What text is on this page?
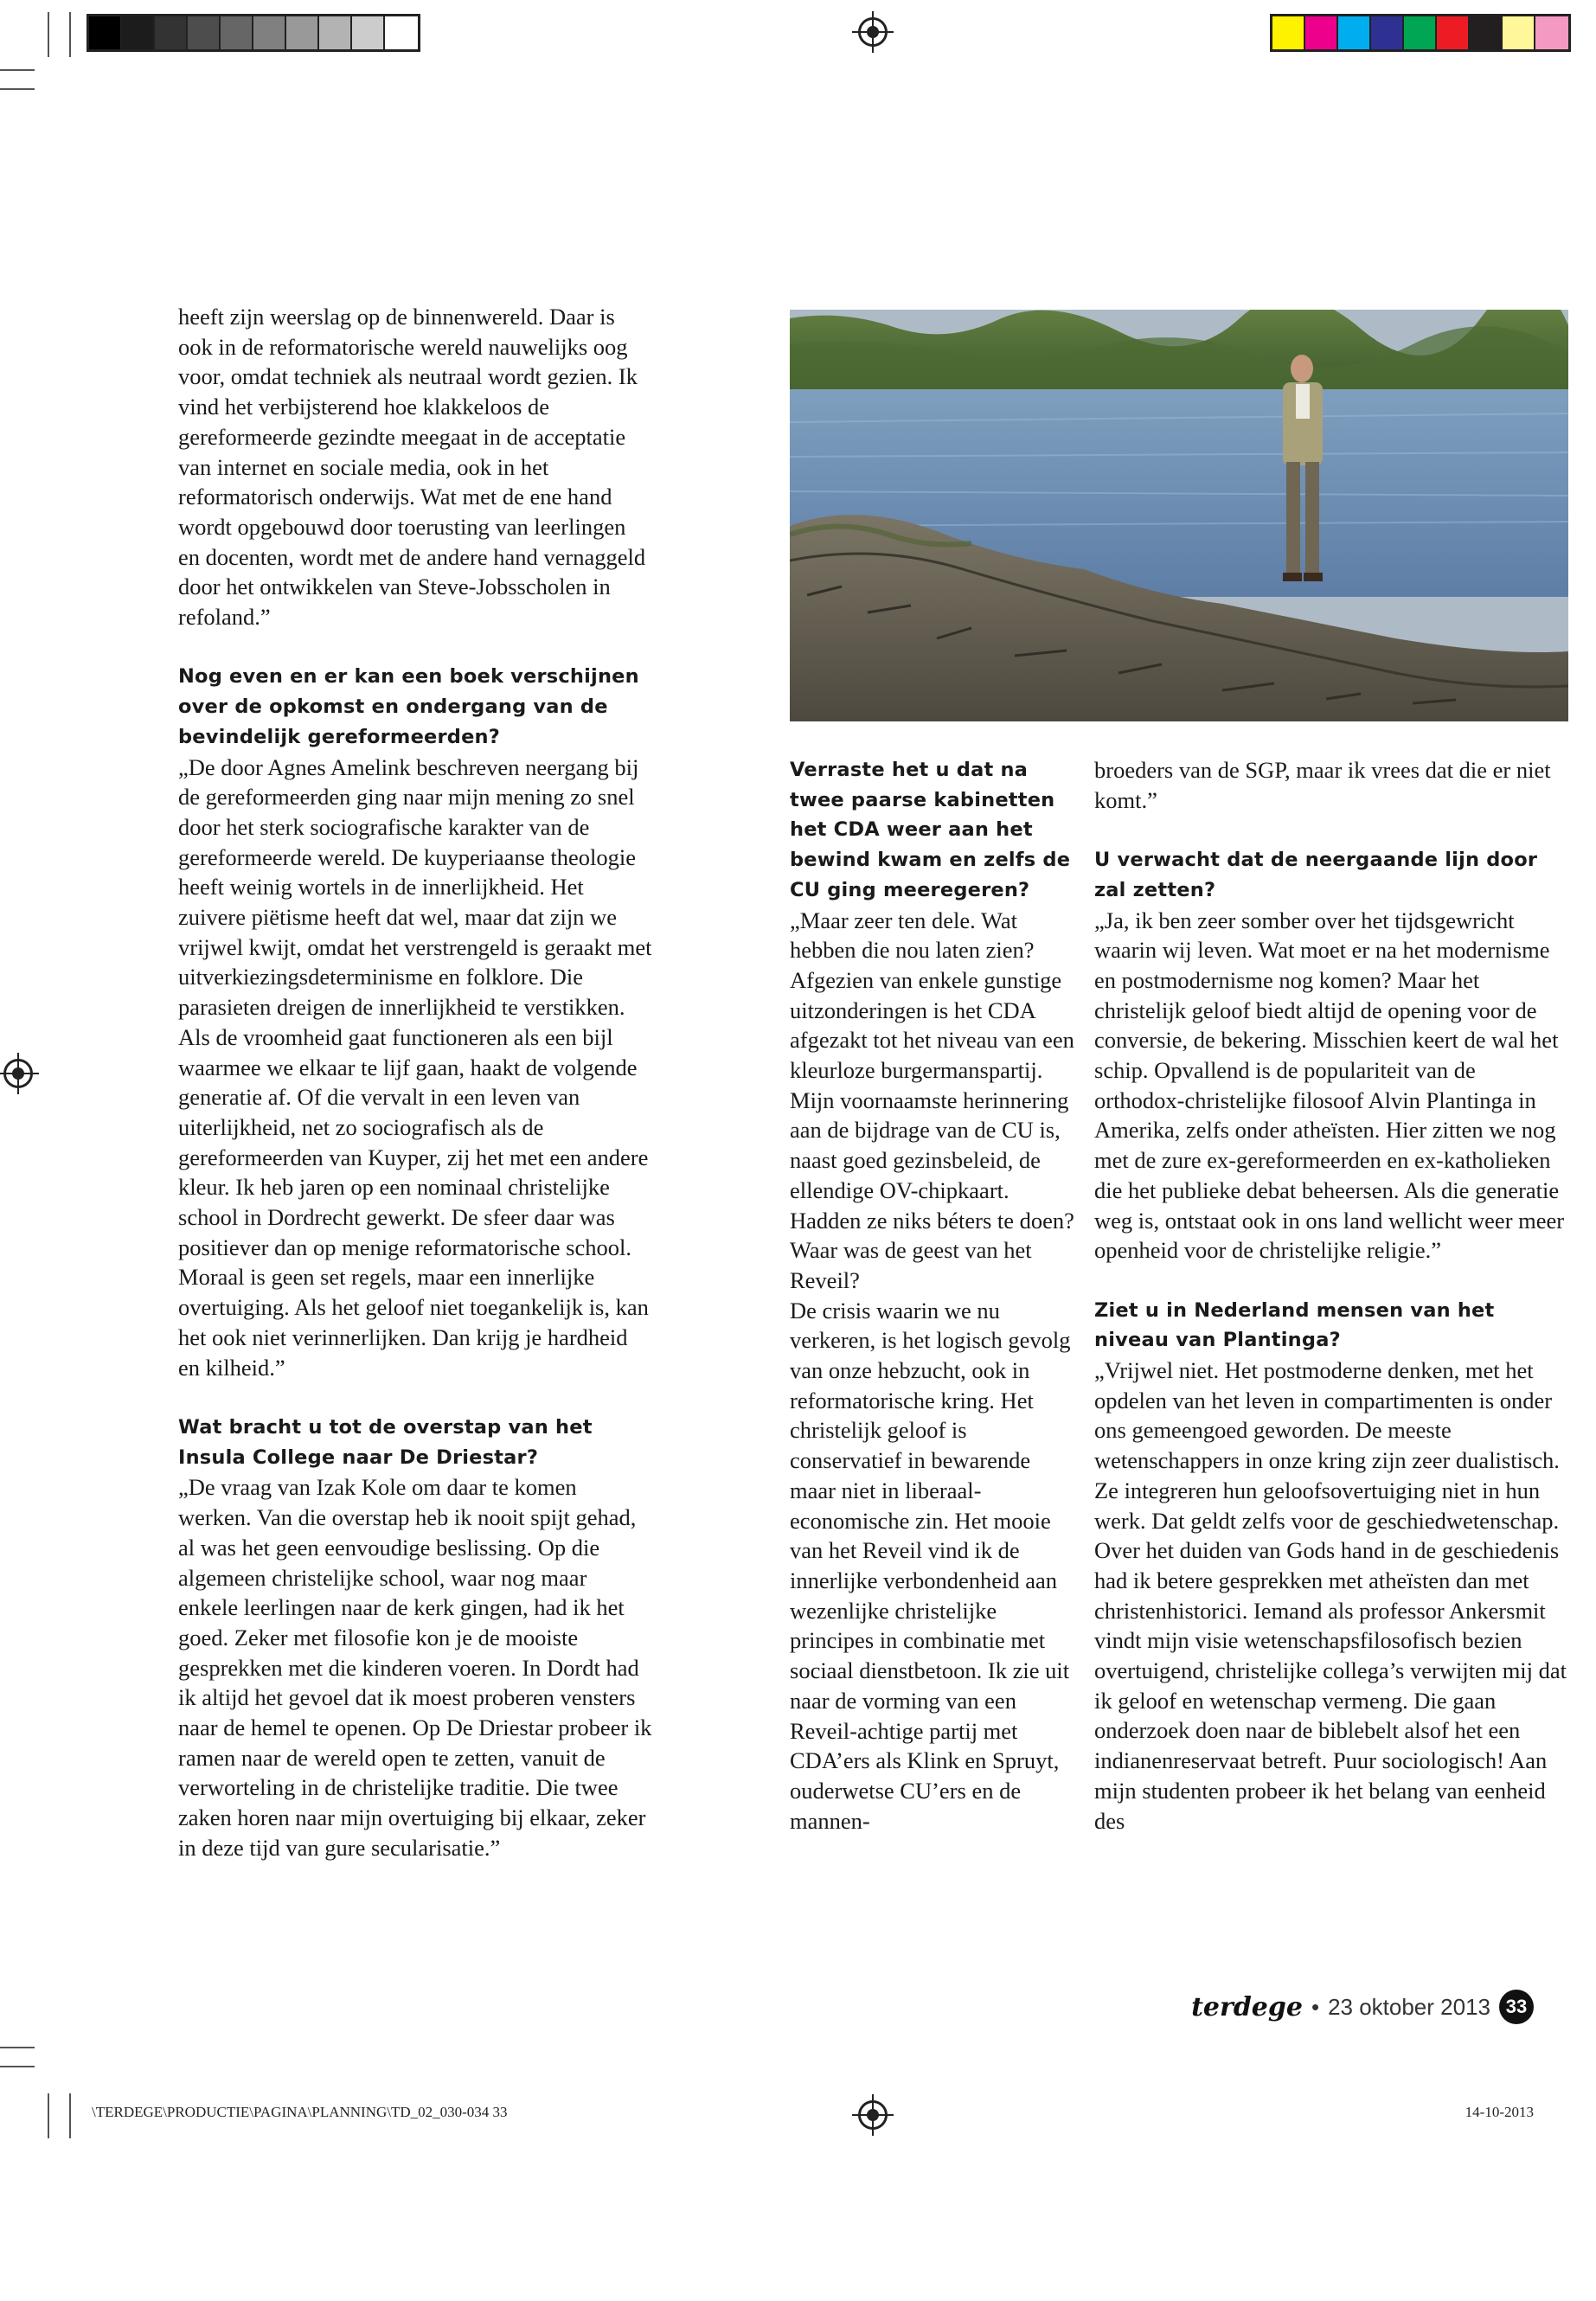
heeft zijn weerslag op de binnenwereld. Daar is ook in de reformatorische wereld nauwelijks oog voor, omdat techniek als neutraal wordt gezien. Ik vind het verbijsterend hoe klakkeloos de gereformeerde gezindte meegaat in de acceptatie van internet en sociale media, ook in het reformatorisch onderwijs. Wat met de ene hand wordt opgebouwd door toerusting van leerlingen en docenten, wordt met de andere hand vernaggeld door het ontwikkelen van Steve-Jobsscholen in refoland.”

Nog even en er kan een boek verschijnen over de opkomst en ondergang van de bevindelijk gereformeerden?

„De door Agnes Amelink beschreven neergang bij de gereformeerden ging naar mijn mening zo snel door het sterk sociografische karakter van de gereformeerde wereld. De kuyperiaanse theologie heeft weinig wortels in de innerlijkheid. Het zuivere piëtisme heeft dat wel, maar dat zijn we vrijwel kwijt, omdat het verstrengeld is geraakt met uitverkiezingsdeterminisme en folklore. Die parasieten dreigen de innerlijkheid te verstikken.

Als de vroomheid gaat functioneren als een bijl waarmee we elkaar te lijf gaan, haakt de volgende generatie af. Of die vervalt in een leven van uiterlijkheid, net zo sociografisch als de gereformeerden van Kuyper, zij het met een andere kleur. Ik heb jaren op een nominaal christelijke school in Dordrecht gewerkt. De sfeer daar was positiever dan op menige reformatorische school. Moraal is geen set regels, maar een innerlijke overtuiging. Als het geloof niet toegankelijk is, kan het ook niet verinnerlijken. Dan krijg je hardheid en kilheid.”

Wat bracht u tot de overstap van het Insula College naar De Driestar?

„De vraag van Izak Kole om daar te komen werken. Van die overstap heb ik nooit spijt gehad, al was het geen eenvoudige beslissing. Op die algemeen christelijke school, waar nog maar enkele leerlingen naar de kerk gingen, had ik het goed. Zeker met filosofie kon je de mooiste gesprekken met die kinderen voeren. In Dordt had ik altijd het gevoel dat ik moest proberen vensters naar de hemel te openen. Op De Driestar probeer ik ramen naar de wereld open te zetten, vanuit de verworteling in de christelijke traditie. Die twee zaken horen naar mijn overtuiging bij elkaar, zeker in deze tijd van gure secularisatie.”

Verraste het u dat na twee paarse kabinetten het CDA weer aan het bewind kwam en zelfs de CU ging meeregeren?

„Maar zeer ten dele. Wat hebben die nou laten zien? Afgezien van enkele gunstige uitzonderingen is het CDA afgezakt tot het niveau van een kleurloze burgermanspartij. Mijn voornaamste herinnering aan de bijdrage van de CU is, naast goed gezinsbeleid, de ellendige OV-chipkaart. Hadden ze niks béters te doen? Waar was de geest van het Reveil?

De crisis waarin we nu verkeren, is het logisch gevolg van onze hebzucht, ook in reformatorische kring. Het christelijk geloof is conservatief in bewarende maar niet in liberaal-economische zin. Het mooie van het Reveil vind ik de innerlijke verbondenheid aan wezenlijke christelijke principes in combinatie met sociaal dienstbetoon. Ik zie uit naar de vorming van een Reveil-achtige partij met CDA’ers als Klink en Spruyt, ouderwetse CU’ers en de mannen-

broeders van de SGP, maar ik vrees dat die er niet komt.”

U verwacht dat de neergaande lijn door zal zetten?

„Ja, ik ben zeer somber over het tijdsgewricht waarin wij leven. Wat moet er na het modernisme en postmodernisme nog komen? Maar het christelijk geloof biedt altijd de opening voor de conversie, de bekering. Misschien keert de wal het schip. Opvallend is de populariteit van de orthodox-christelijke filosoof Alvin Plantinga in Amerika, zelfs onder atheïsten. Hier zitten we nog met de zure ex-gereformeerden en ex-katholieken die het publieke debat beheersen. Als die generatie weg is, ontstaat ook in ons land wellicht weer meer openheid voor de christelijke religie.”

Ziet u in Nederland mensen van het niveau van Plantinga?

„Vrijwel niet. Het postmoderne denken, met het opdelen van het leven in compartimenten is onder ons gemeengoed geworden. De meeste wetenschappers in onze kring zijn zeer dualistisch. Ze integreren hun geloofsovertuiging niet in hun werk. Dat geldt zelfs voor de geschiedwetenschap. Over het duiden van Gods hand in de geschiedenis had ik betere gesprekken met atheïsten dan met christenhistorici. Iemand als professor Ankersmit vindt mijn visie wetenschapsfilosofisch bezien overtuigend, christelijke collega’s verwijten mij dat ik geloof en wetenschap vermeng. Die gaan onderzoek doen naar de biblebelt alsof het een indianenreservaat betreft. Puur sociologisch! Aan mijn studenten probeer ik het belang van eenheid des

terdege • 23 oktober 2013 33
\TERDEGE\PRODUCTIE\PAGINA\PLANNING\TD_02_030-034 33	14-10-2013
